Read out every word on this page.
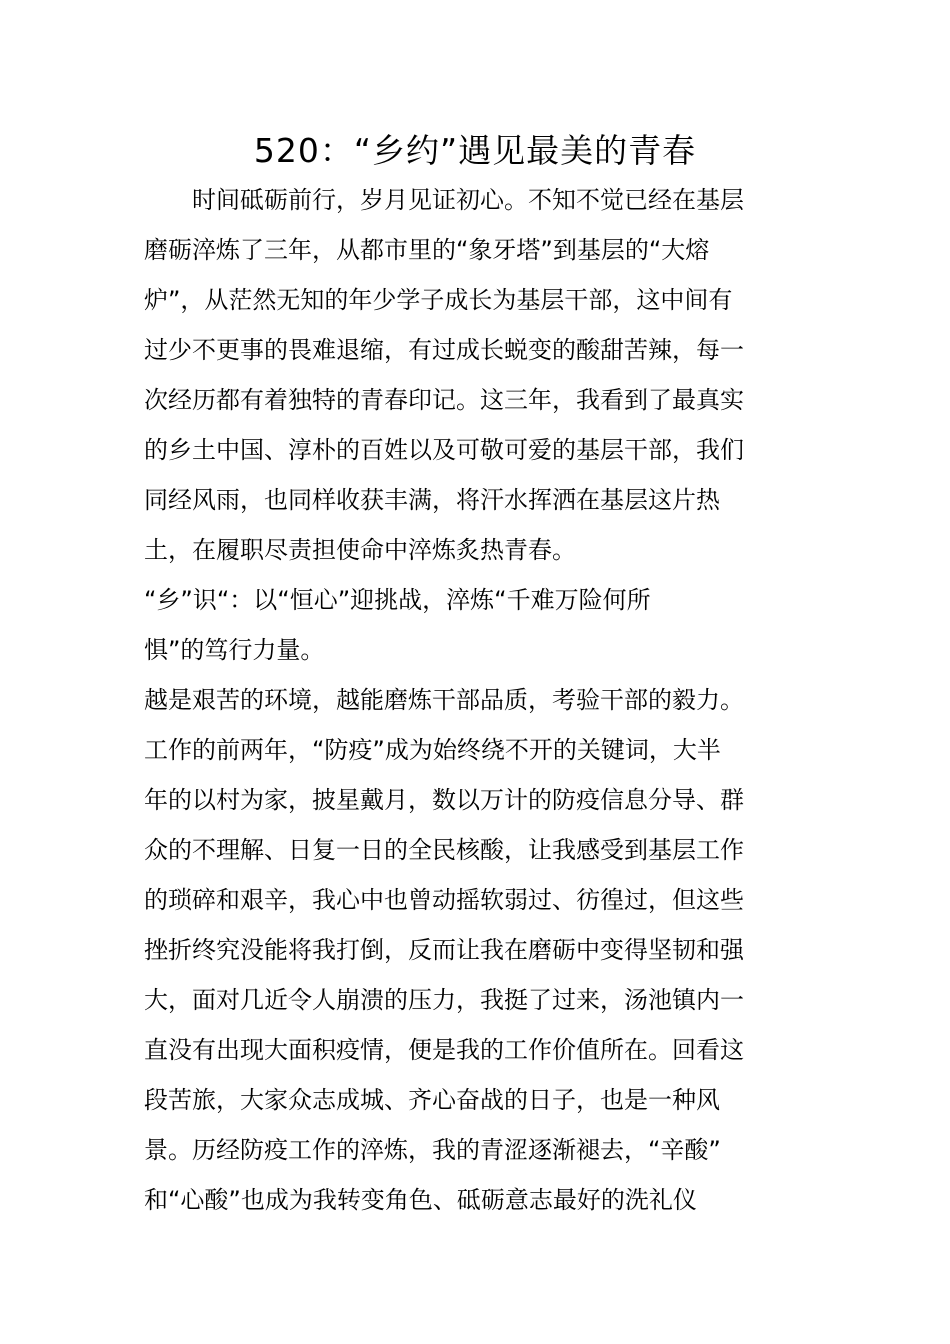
520：“乡约”遇见最美的青春
　　时间砥砺前行，岁月见证初心。不知不觉已经在基层
磨砺淬炼了三年，从都市里的“象牙塔”到基层的“大熔
炉”，从茫然无知的年少学子成长为基层干部，这中间有
过少不更事的畏难退缩，有过成长蜕变的酸甜苦辣，每一
次经历都有着独特的青春印记。这三年，我看到了最真实
的乡土中国、淳朴的百姓以及可敬可爱的基层干部，我们
同经风雨，也同样收获丰满，将汗水挥洒在基层这片热
土，在履职尽责担使命中淬炼炙热青春。
“乡”识“：以“恒心”迎挑战，淬炼“千难万险何所
惧”的笃行力量。
越是艰苦的环境，越能磨炼干部品质，考验干部的毅力。
工作的前两年，“防疫”成为始终绕不开的关键词，大半
年的以村为家，披星戴月，数以万计的防疫信息分导、群
众的不理解、日复一日的全民核酸，让我感受到基层工作
的琐碎和艰辛，我心中也曾动摇软弱过、彷徨过，但这些
挫折终究没能将我打倒，反而让我在磨砺中变得坚韧和强
大，面对几近令人崩溃的压力，我挺了过来，汤池镇内一
直没有出现大面积疫情，便是我的工作价值所在。回看这
段苦旅，大家众志成城、齐心奋战的日子，也是一种风
景。历经防疫工作的淬炼，我的青涩逐渐褪去，“辛酸”
和“心酸”也成为我转变角色、砥砺意志最好的洗礼仪
